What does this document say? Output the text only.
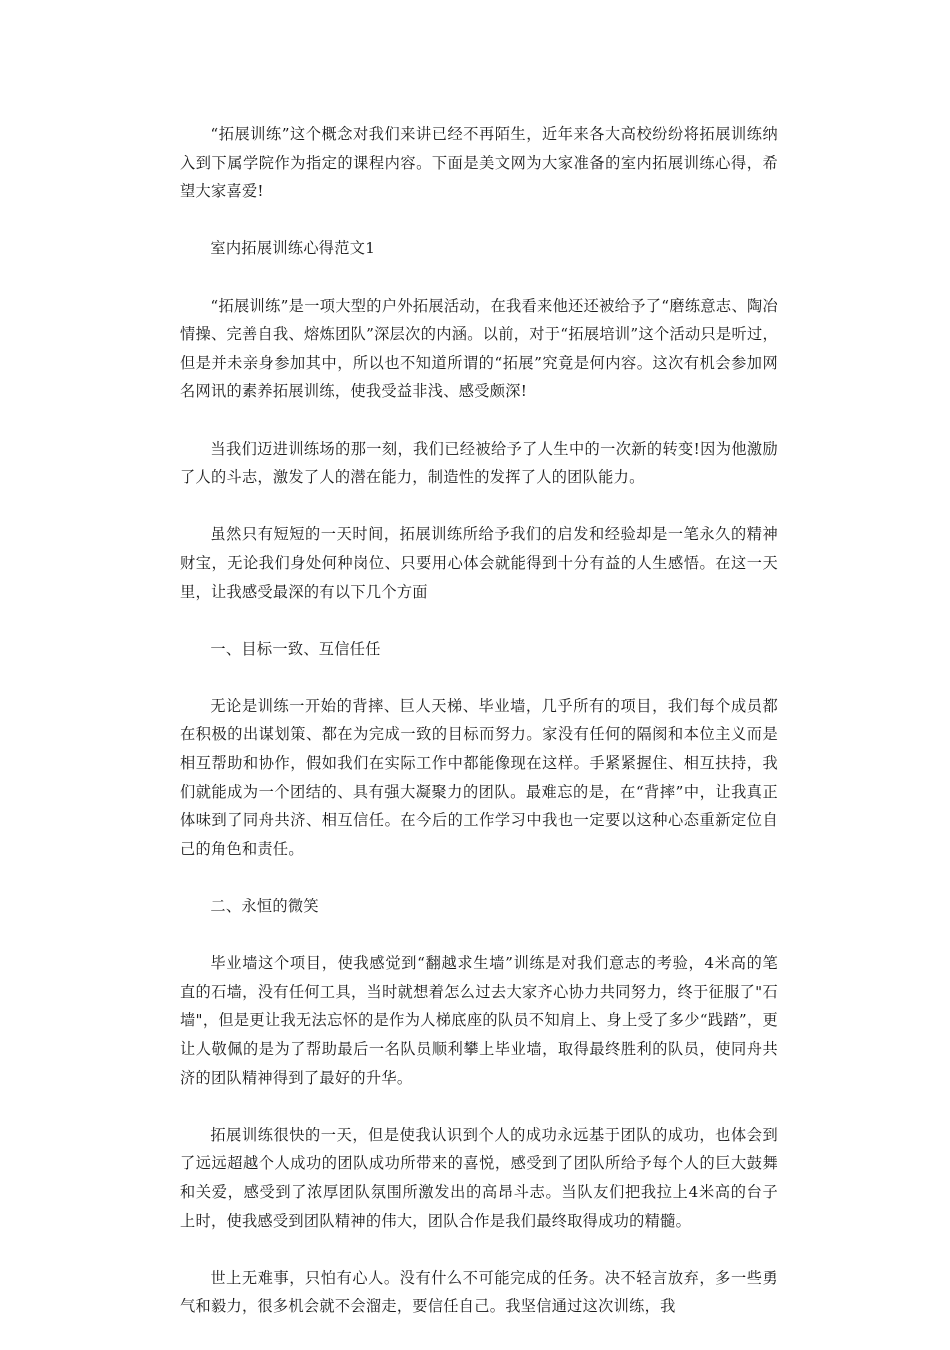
“拓展训练”这个概念对我们来讲已经不再陌生，近年来各大高校纷纷将拓展训练纳入到下属学院作为指定的课程内容。下面是美文网为大家准备的室内拓展训练心得，希望大家喜爱!

室内拓展训练心得范文1

“拓展训练”是一项大型的户外拓展活动，在我看来他还还被给予了“磨练意志、陶冶情操、完善自我、熔炼团队”深层次的内涵。以前，对于“拓展培训”这个活动只是听过，但是并未亲身参加其中，所以也不知道所谓的“拓展”究竟是何内容。这次有机会参加网名网讯的素养拓展训练，使我受益非浅、感受颇深!

当我们迈进训练场的那一刻，我们已经被给予了人生中的一次新的转变!因为他激励了人的斗志，激发了人的潜在能力，制造性的发挥了人的团队能力。

虽然只有短短的一天时间，拓展训练所给予我们的启发和经验却是一笔永久的精神财宝，无论我们身处何种岗位、只要用心体会就能得到十分有益的人生感悟。在这一天里，让我感受最深的有以下几个方面

一、目标一致、互信任任

无论是训练一开始的背摔、巨人天梯、毕业墙，几乎所有的项目，我们每个成员都在积极的出谋划策、都在为完成一致的目标而努力。家没有任何的隔阂和本位主义而是相互帮助和协作，假如我们在实际工作中都能像现在这样。手紧紧握住、相互扶持，我们就能成为一个团结的、具有强大凝聚力的团队。最难忘的是，在“背摔”中，让我真正体味到了同舟共济、相互信任。在今后的工作学习中我也一定要以这种心态重新定位自己的角色和责任。

二、永恒的微笑

毕业墙这个项目，使我感觉到“翻越求生墙”训练是对我们意志的考验，4米高的笔直的石墙，没有任何工具，当时就想着怎么过去大家齐心协力共同努力，终于征服了"石墙"，但是更让我无法忘怀的是作为人梯底座的队员不知肩上、身上受了多少“践踏”，更让人敬佩的是为了帮助最后一名队员顺利攀上毕业墙，取得最终胜利的队员，使同舟共济的团队精神得到了最好的升华。

拓展训练很快的一天，但是使我认识到个人的成功永远基于团队的成功，也体会到了远远超越个人成功的团队成功所带来的喜悦，感受到了团队所给予每个人的巨大鼓舞和关爱，感受到了浓厚团队氛围所激发出的高昂斗志。当队友们把我拉上4米高的台子上时，使我感受到团队精神的伟大，团队合作是我们最终取得成功的精髓。

世上无难事，只怕有心人。没有什么不可能完成的任务。决不轻言放弃，多一些勇气和毅力，很多机会就不会溜走，要信任自己。我坚信通过这次训练，我
